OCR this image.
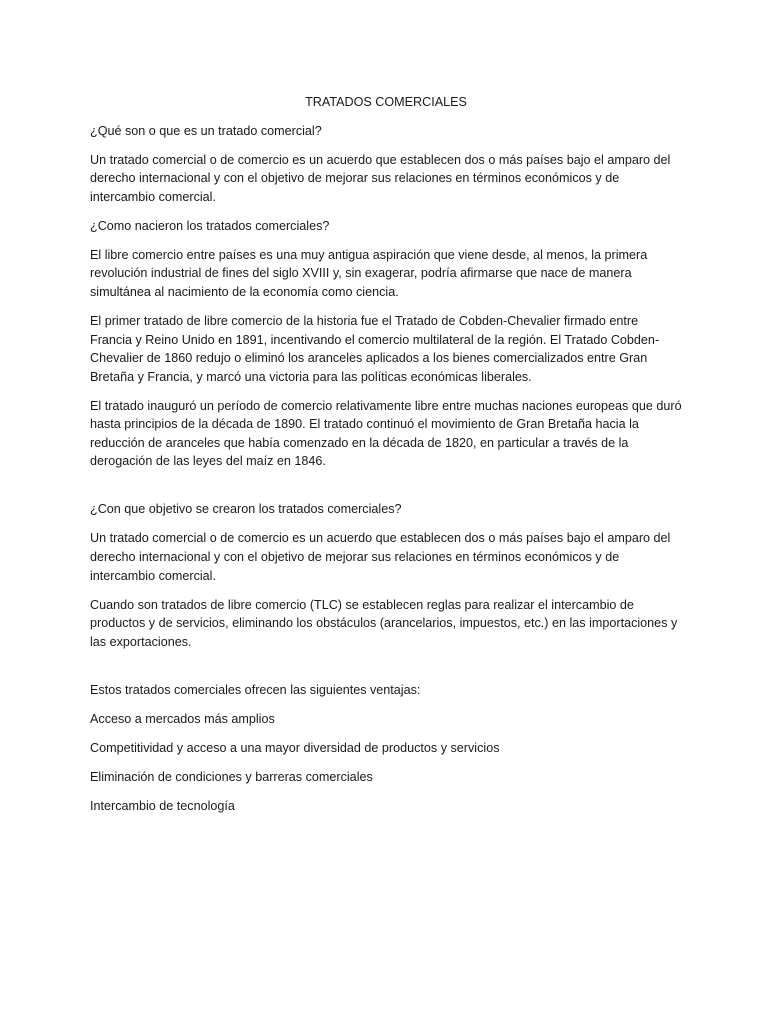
TRATADOS COMERCIALES

¿Qué son o que es un tratado comercial?

Un tratado comercial o de comercio es un acuerdo que establecen dos o más países bajo el amparo del derecho internacional y con el objetivo de mejorar sus relaciones en términos económicos y de intercambio comercial.

¿Como nacieron los tratados comerciales?

El libre comercio entre países es una muy antigua aspiración que viene desde, al menos, la primera revolución industrial de fines del siglo XVIII y, sin exagerar, podría afirmarse que nace de manera simultánea al nacimiento de la economía como ciencia.

El primer tratado de libre comercio de la historia fue el Tratado de Cobden-Chevalier firmado entre Francia y Reino Unido en 1891, incentivando el comercio multilateral de la región. El Tratado Cobden-Chevalier de 1860 redujo o eliminó los aranceles aplicados a los bienes comercializados entre Gran Bretaña y Francia, y marcó una victoria para las políticas económicas liberales.

El tratado inauguró un período de comercio relativamente libre entre muchas naciones europeas que duró hasta principios de la década de 1890. El tratado continuó el movimiento de Gran Bretaña hacia la reducción de aranceles que había comenzado en la década de 1820, en particular a través de la derogación de las leyes del maíz en 1846.

¿Con que objetivo se crearon los tratados comerciales?

Un tratado comercial o de comercio es un acuerdo que establecen dos o más países bajo el amparo del derecho internacional y con el objetivo de mejorar sus relaciones en términos económicos y de intercambio comercial.

Cuando son tratados de libre comercio (TLC) se establecen reglas para realizar el intercambio de productos y de servicios, eliminando los obstáculos (arancelarios, impuestos, etc.) en las importaciones y las exportaciones.

Estos tratados comerciales ofrecen las siguientes ventajas:

Acceso a mercados más amplios

Competitividad y acceso a una mayor diversidad de productos y servicios

Eliminación de condiciones y barreras comerciales

Intercambio de tecnología
